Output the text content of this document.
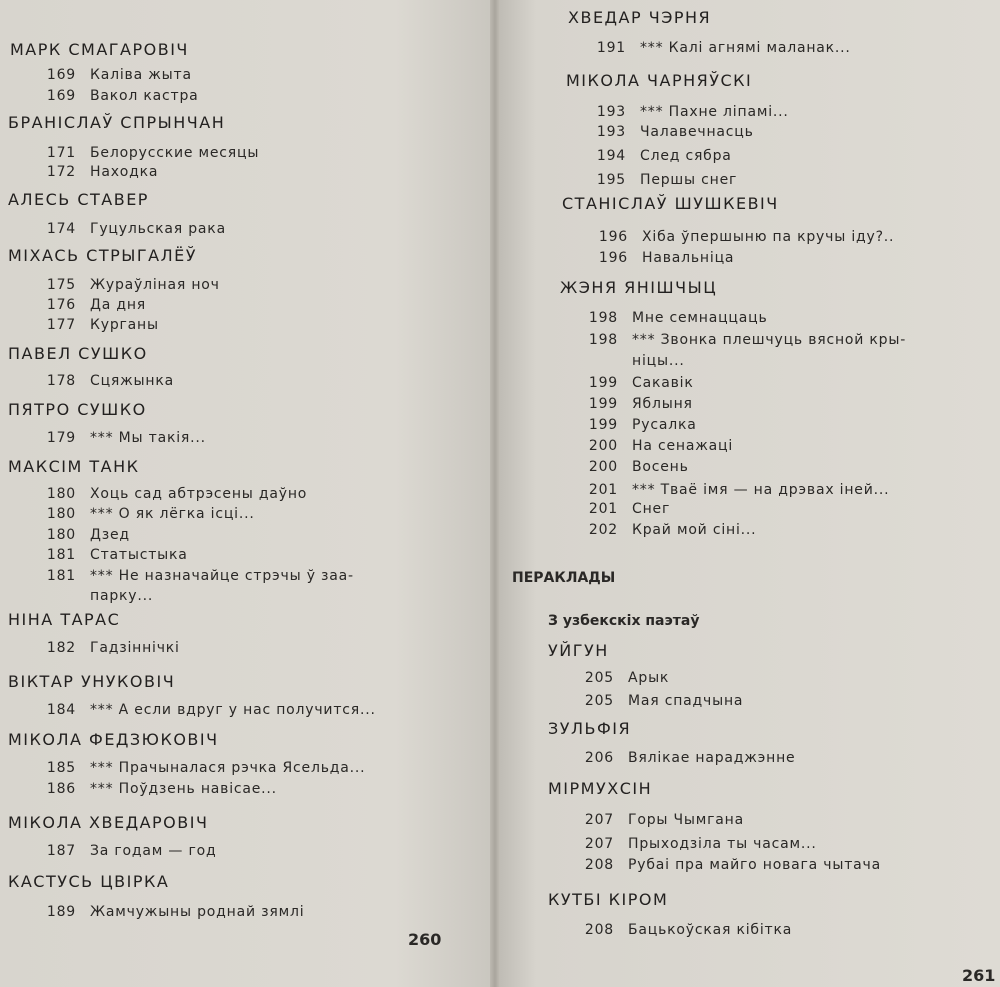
МАРК СМАГАРОВІЧ
169 Каліва жыта
169 Вакол кастра
БРАНІСЛАЎ СПРЫНЧАН
171 Белорусские месяцы
172 Находка
АЛЕСЬ СТАВЕР
174 Гуцульская рака
МІХАСЬ СТРЫГАЛЁЎ
175 Жураўліная ноч
176 Да дня
177 Курганы
ПАВЕЛ СУШКО
178 Сцяжынка
ПЯТРО СУШКО
179 *** Мы такія...
МАКСІМ ТАНК
180 Хоць сад абтрэсены даўно
180 *** О як лёгка ісці...
180 Дзед
181 Статыстыка
181 *** Не назначайце стрэчы ў заа-
парку...
НІНА ТАРАС
182 Гадзіннічкі
ВІКТАР УНУКОВІЧ
184 *** А если вдруг у нас получится...
МІКОЛА ФЕДЗЮКОВІЧ
185 *** Прачыналася рэчка Ясельда...
186 *** Поўдзень навісае...
МІКОЛА ХВЕДАРОВІЧ
187 За годам — год
КАСТУСЬ ЦВІРКА
189 Жамчужыны роднай зямлі
ХВЕДАР ЧЭРНЯ
191 *** Калі агнямі маланак...
МІКОЛА ЧАРНЯЎСКІ
193 *** Пахне ліпамі...
193 Чалавечнасць
194 След сябра
195 Першы снег
СТАНІСЛАЎ ШУШКЕВІЧ
196 Хіба ўпершыню па кручы іду?..
196 Навальніца
ЖЭНЯ ЯНІШЧЫЦ
198 Мне семнаццаць
198 *** Звонка плешчуць вясной кры-
ніцы...
199 Сакавік
199 Яблыня
199 Русалка
200 На сенажаці
200 Восень
201 *** Тваё імя — на дрэвах іней...
201 Снег
202 Край мой сіні...
УЙГУН
205 Арык
205 Мая спадчына
ЗУЛЬФІЯ
206 Вялікае нараджэнне
МІРМУХСІН
207 Горы Чымгана
207 Прыходзіла ты часам...
208 Рубаі пра майго новага чытача
КУТБІ КІРОМ
208 Бацькоўская кібітка
260
ПЕРАКЛАДЫ
З узбекскіх паэтаў
261
